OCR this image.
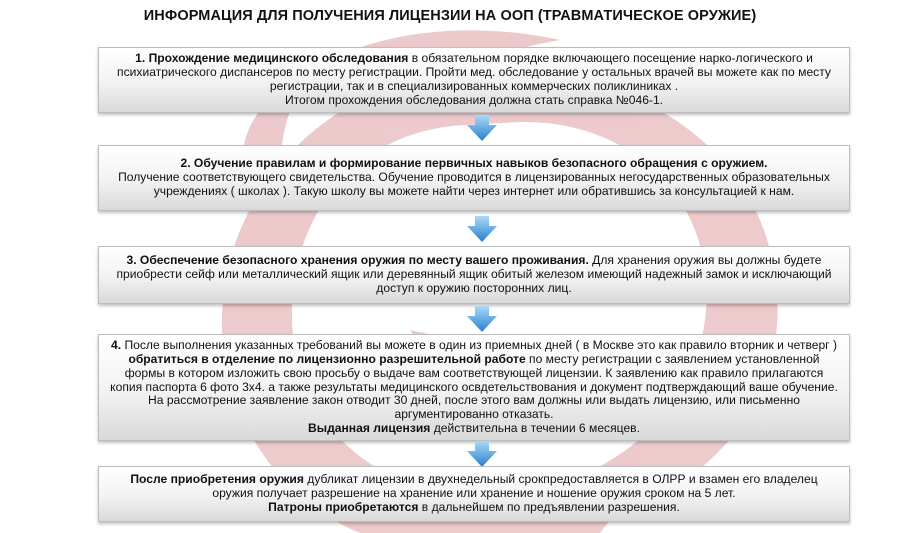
ИНФОРМАЦИЯ ДЛЯ ПОЛУЧЕНИЯ ЛИЦЕНЗИИ НА ООП (ТРАВМАТИЧЕСКОЕ ОРУЖИЕ)
1. Прохождение медицинского обследования в обязательном порядке включающего посещение нарко-логического и психиатрического диспансеров по месту регистрации. Пройти мед. обследование у остальных врачей вы можете как по месту регистрации, так и в специализированных коммерческих поликлиниках .
Итогом прохождения обследования должна стать справка №046-1.
2. Обучение правилам и формирование первичных навыков безопасного обращения с оружием.
Получение соответствующего свидетельства. Обучение проводится в лицензированных негосударственных образовательных учреждениях ( школах ). Такую школу вы можете найти через интернет или обратившись за консультацией к нам.
3. Обеспечение безопасного хранения оружия по месту вашего проживания. Для хранения оружия вы должны будете приобрести сейф или металлический ящик или деревянный ящик обитый железом имеющий надежный замок и исключающий доступ к оружию посторонних лиц.
4. После выполнения указанных требований вы можете в один из приемных дней ( в Москве это как правило вторник и четверг ) обратиться в отделение по лицензионно разрешительной работе по месту регистрации с заявлением установленной формы в котором изложить свою просьбу о выдаче вам соответствующей лицензии. К заявлению как правило прилагаются копия паспорта 6 фото 3х4. а также результаты медицинского освдетельствования и документ подтверждающий ваше обучение. На рассмотрение заявление закон отводит 30 дней, после этого вам должны или выдать лицензию, или письменно аргументированно отказать.
Выданная лицензия действительна в течении 6 месяцев.
После приобретения оружия дубликат лицензии в двухнедельный срокпредоставляется в ОЛРР и взамен его владелец оружия получает разрешение на хранение или хранение и ношение оружия сроком на 5 лет.
Патроны приобретаются в дальнейшем по предъявлении разрешения.
